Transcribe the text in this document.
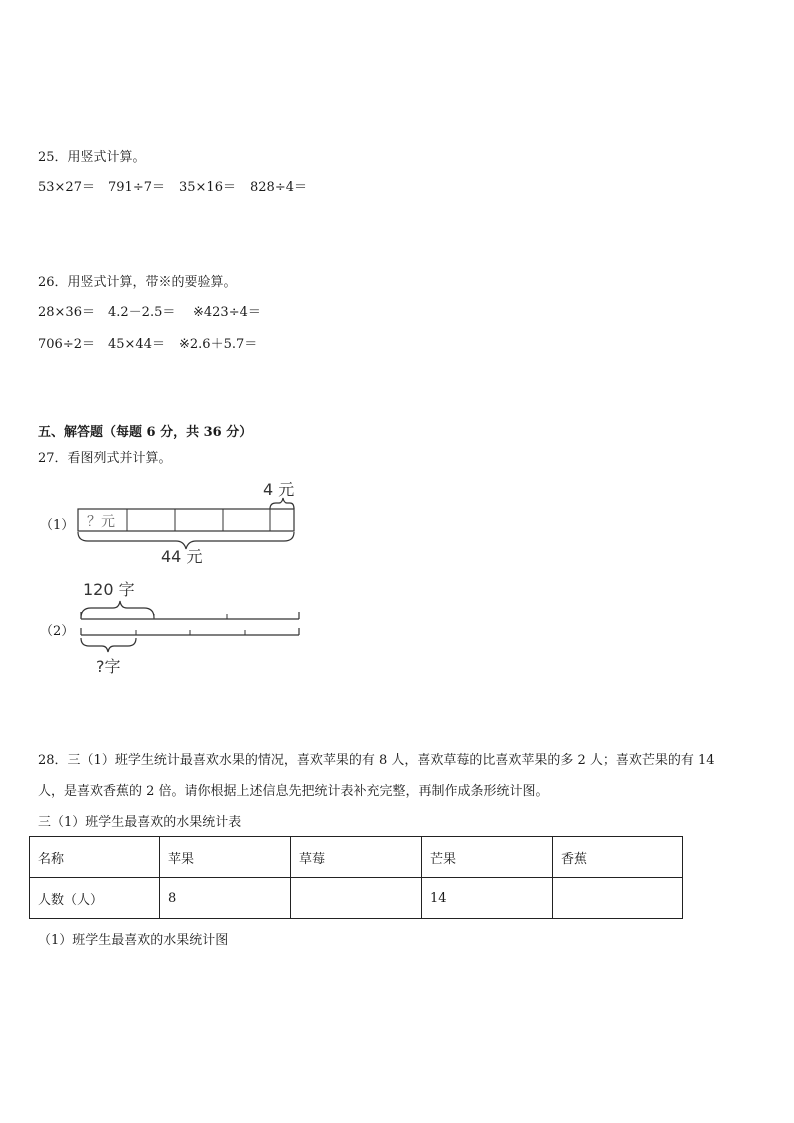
25．用竖式计算。
53×27＝ 791÷7＝ 35×16＝ 828÷4＝
26．用竖式计算，带※的要验算。
28×36＝ 4.2－2.5＝ ※423÷4＝
706÷2＝ 45×44＝ ※2.6＋5.7＝
五、解答题（每题 6 分，共 36 分）
27．看图列式并计算。
（1）
4 元
？元
44 元
（2）
120 字
?字
28．三（1）班学生统计最喜欢水果的情况，喜欢苹果的有 8 人，喜欢草莓的比喜欢苹果的多 2 人；喜欢芒果的有 14
人，是喜欢香蕉的 2 倍。请你根据上述信息先把统计表补充完整，再制作成条形统计图。
三（1）班学生最喜欢的水果统计表
名称	苹果	草莓	芒果	香蕉
人数（人）	8		14	
（1）班学生最喜欢的水果统计图
